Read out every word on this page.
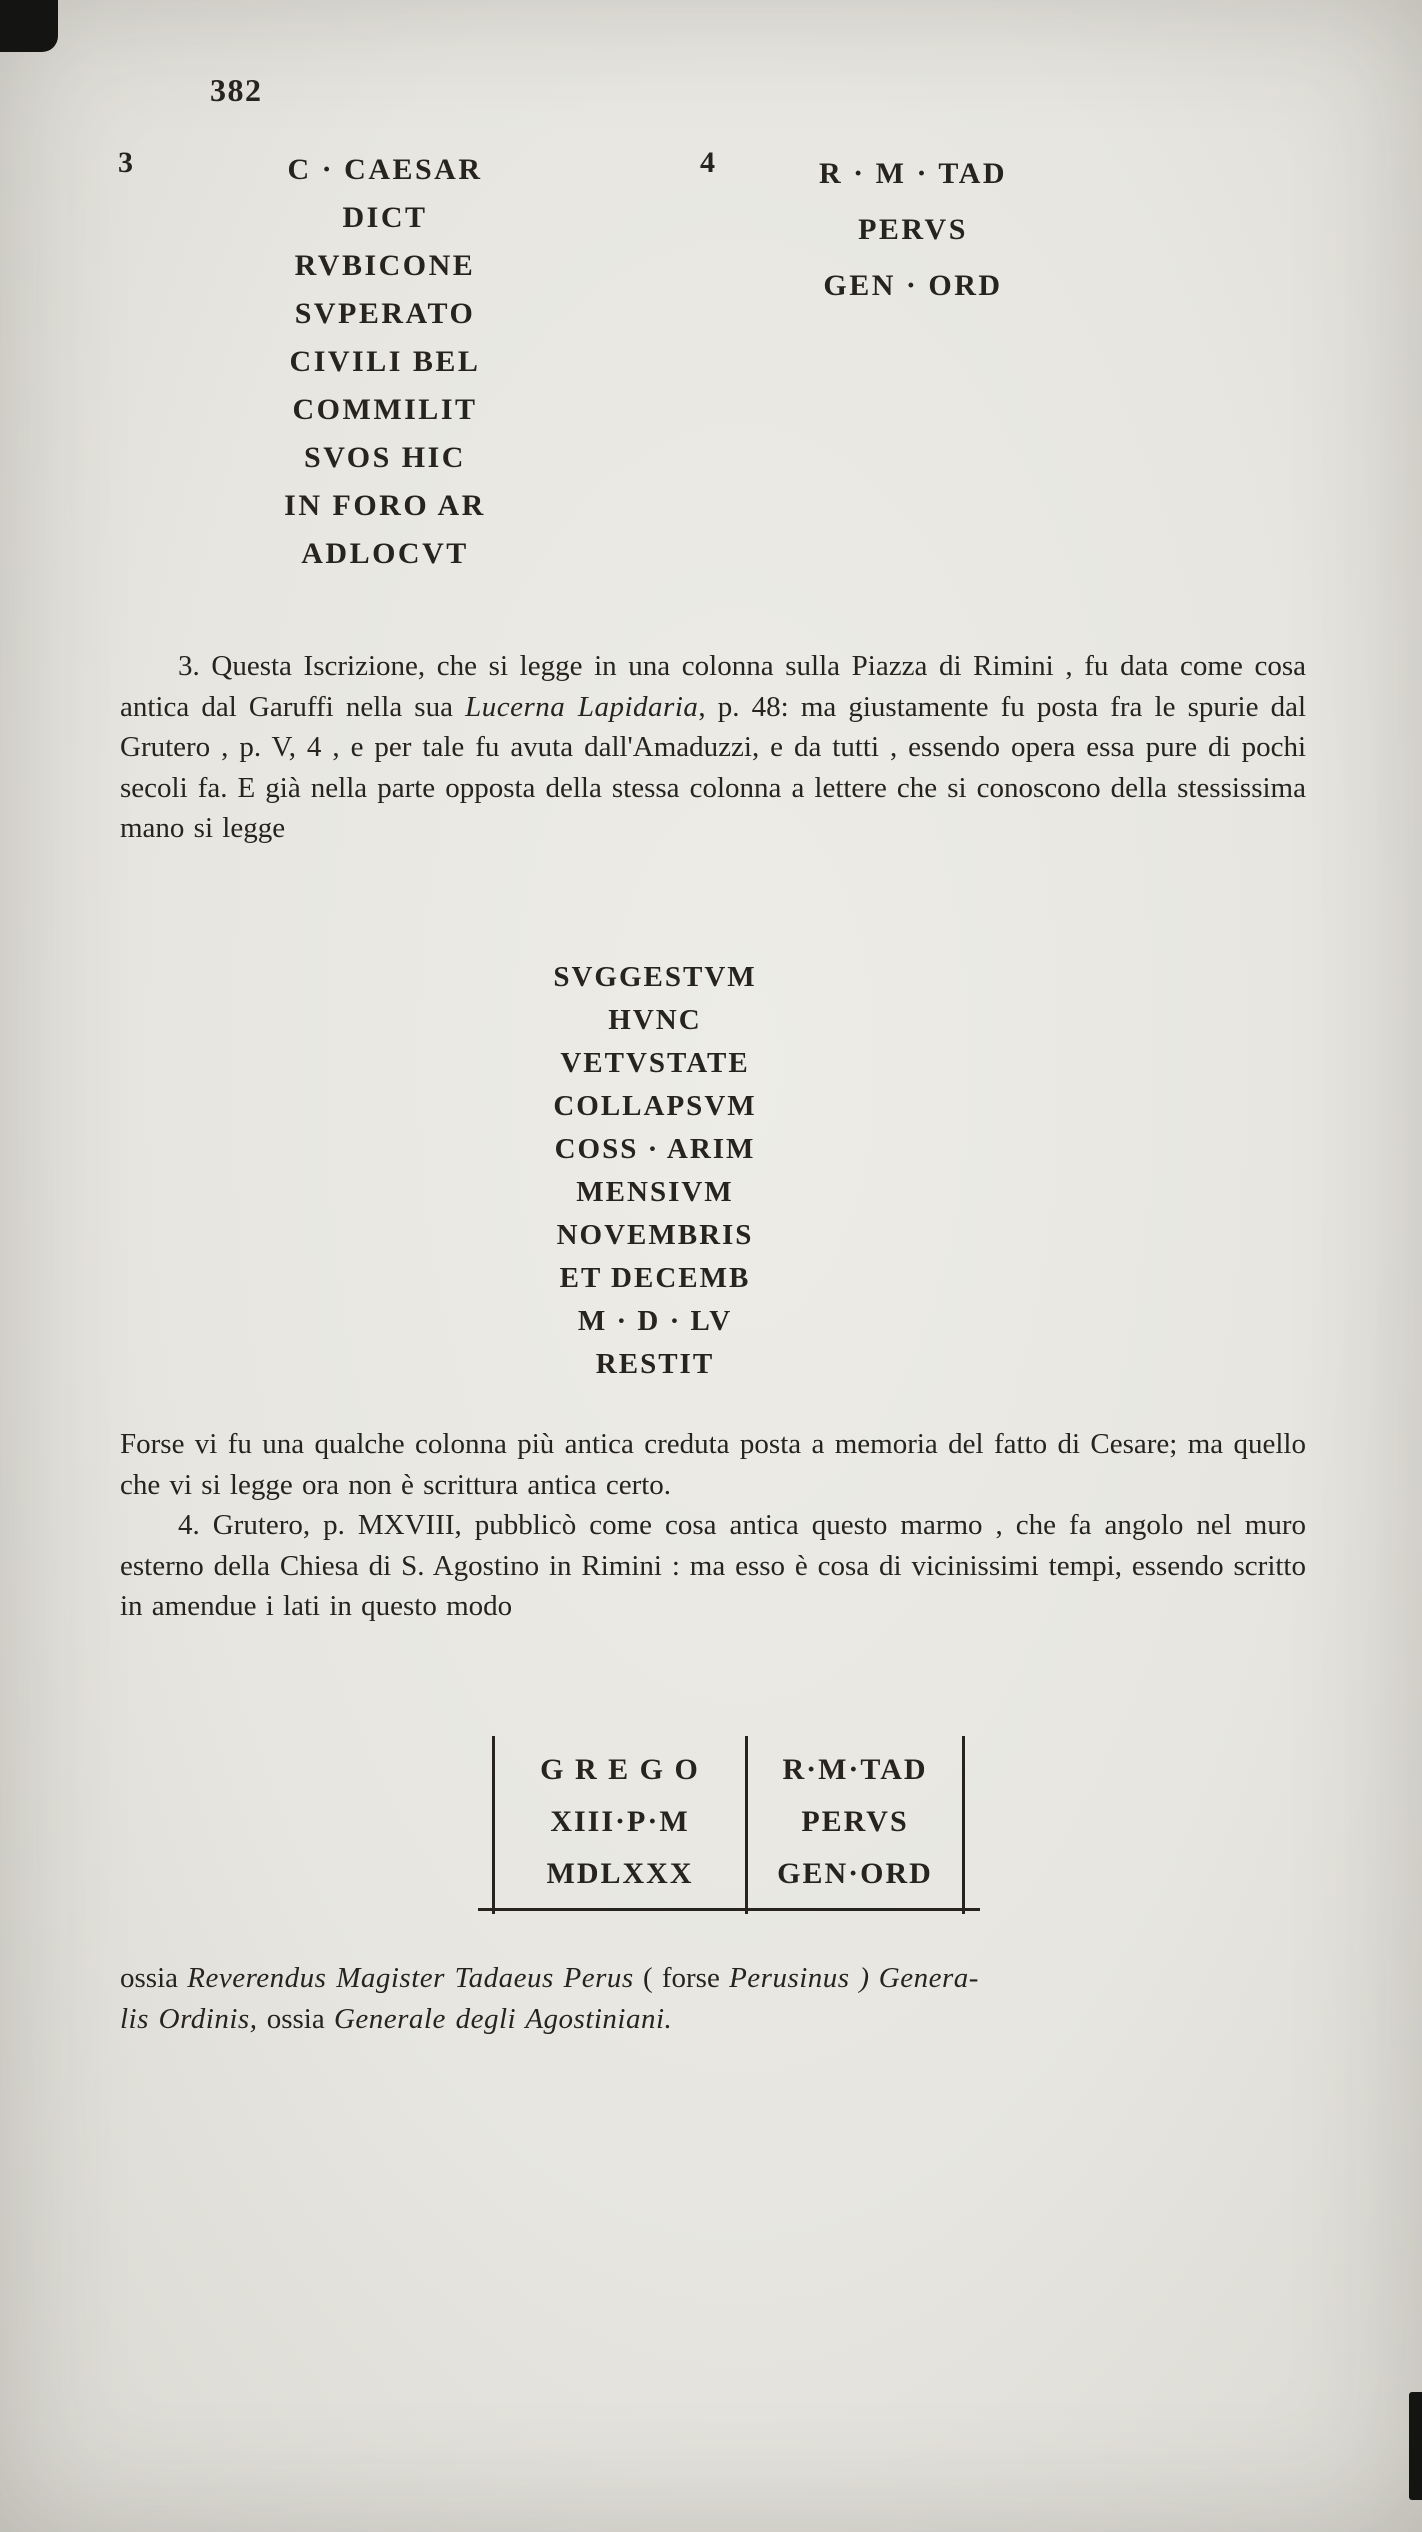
382
3	C · CAESAR
DICT
RVBICONE
SVPERATO
CIVILI BEL
COMMILIT
SVOS HIC
IN FORO AR
ADLOCVT
4	R · M · TAD
PERVS
GEN · ORD

3. Questa Iscrizione, che si legge in una colonna sulla Piazza di Rimini , fu data come cosa antica dal Garuffi nella sua Lucerna Lapidaria, p. 48: ma giustamente fu posta fra le spurie dal Grutero , p. V, 4 , e per tale fu avuta dall'Amaduzzi, e da tutti , essendo opera essa pure di pochi secoli fa. E già nella parte opposta della stessa colonna a lettere che si conoscono della stessissima mano si legge

SVGGESTVM
HVNC
VETVSTATE
COLLAPSVM
COSS · ARIM
MENSIVM
NOVEMBRIS
ET DECEMB
M · D · LV
RESTIT

Forse vi fu una qualche colonna più antica creduta posta a memoria del fatto di Cesare; ma quello che vi si legge ora non è scrittura antica certo.

4. Grutero, p. MXVIII, pubblicò come cosa antica questo marmo , che fa angolo nel muro esterno della Chiesa di S. Agostino in Rimini : ma esso è cosa di vicinissimi tempi, essendo scritto in amendue i lati in questo modo

G R E G O
XIII·P·M
MDLXXX
R·M·TAD
PERVS
GEN·ORD

ossia Reverendus Magister Tadaeus Perus ( forse Perusinus ) Genera-

lis Ordinis, ossia Generale degli Agostiniani.
